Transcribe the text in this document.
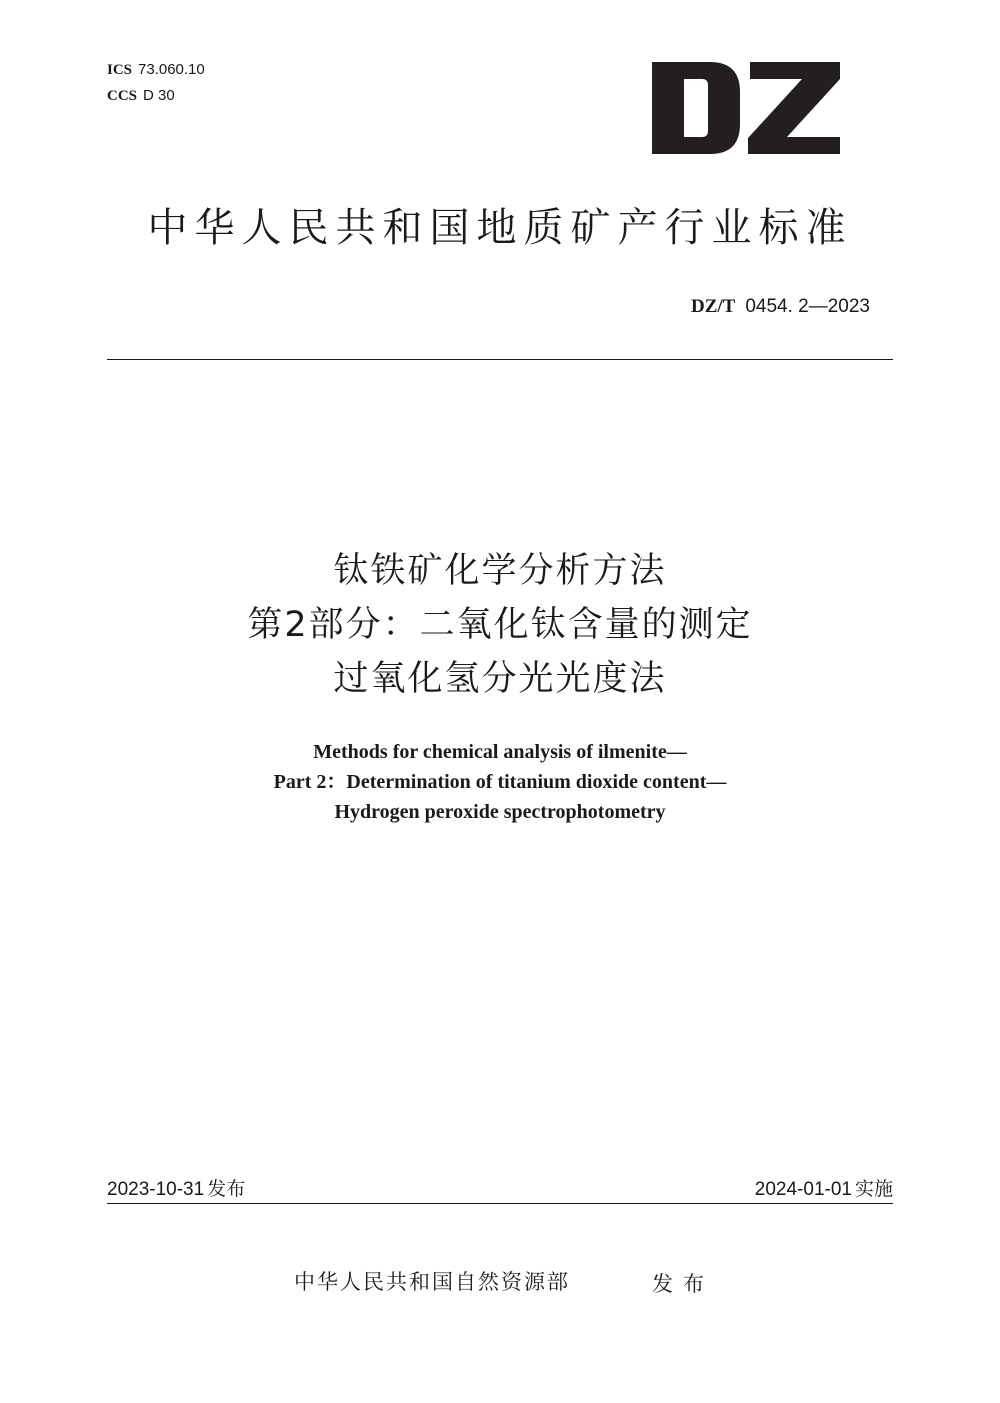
ICS 73.060.10
CCS D 30
中华人民共和国地质矿产行业标准
DZ/T 0454. 2—2023
钛铁矿化学分析方法
第2部分：二氧化钛含量的测定
过氧化氢分光光度法
Methods for chemical analysis of ilmenite—
Part 2：Determination of titanium dioxide content—
Hydrogen peroxide spectrophotometry
2023-10-31 发布	2024-01-01 实施
中华人民共和国自然资源部	发布
